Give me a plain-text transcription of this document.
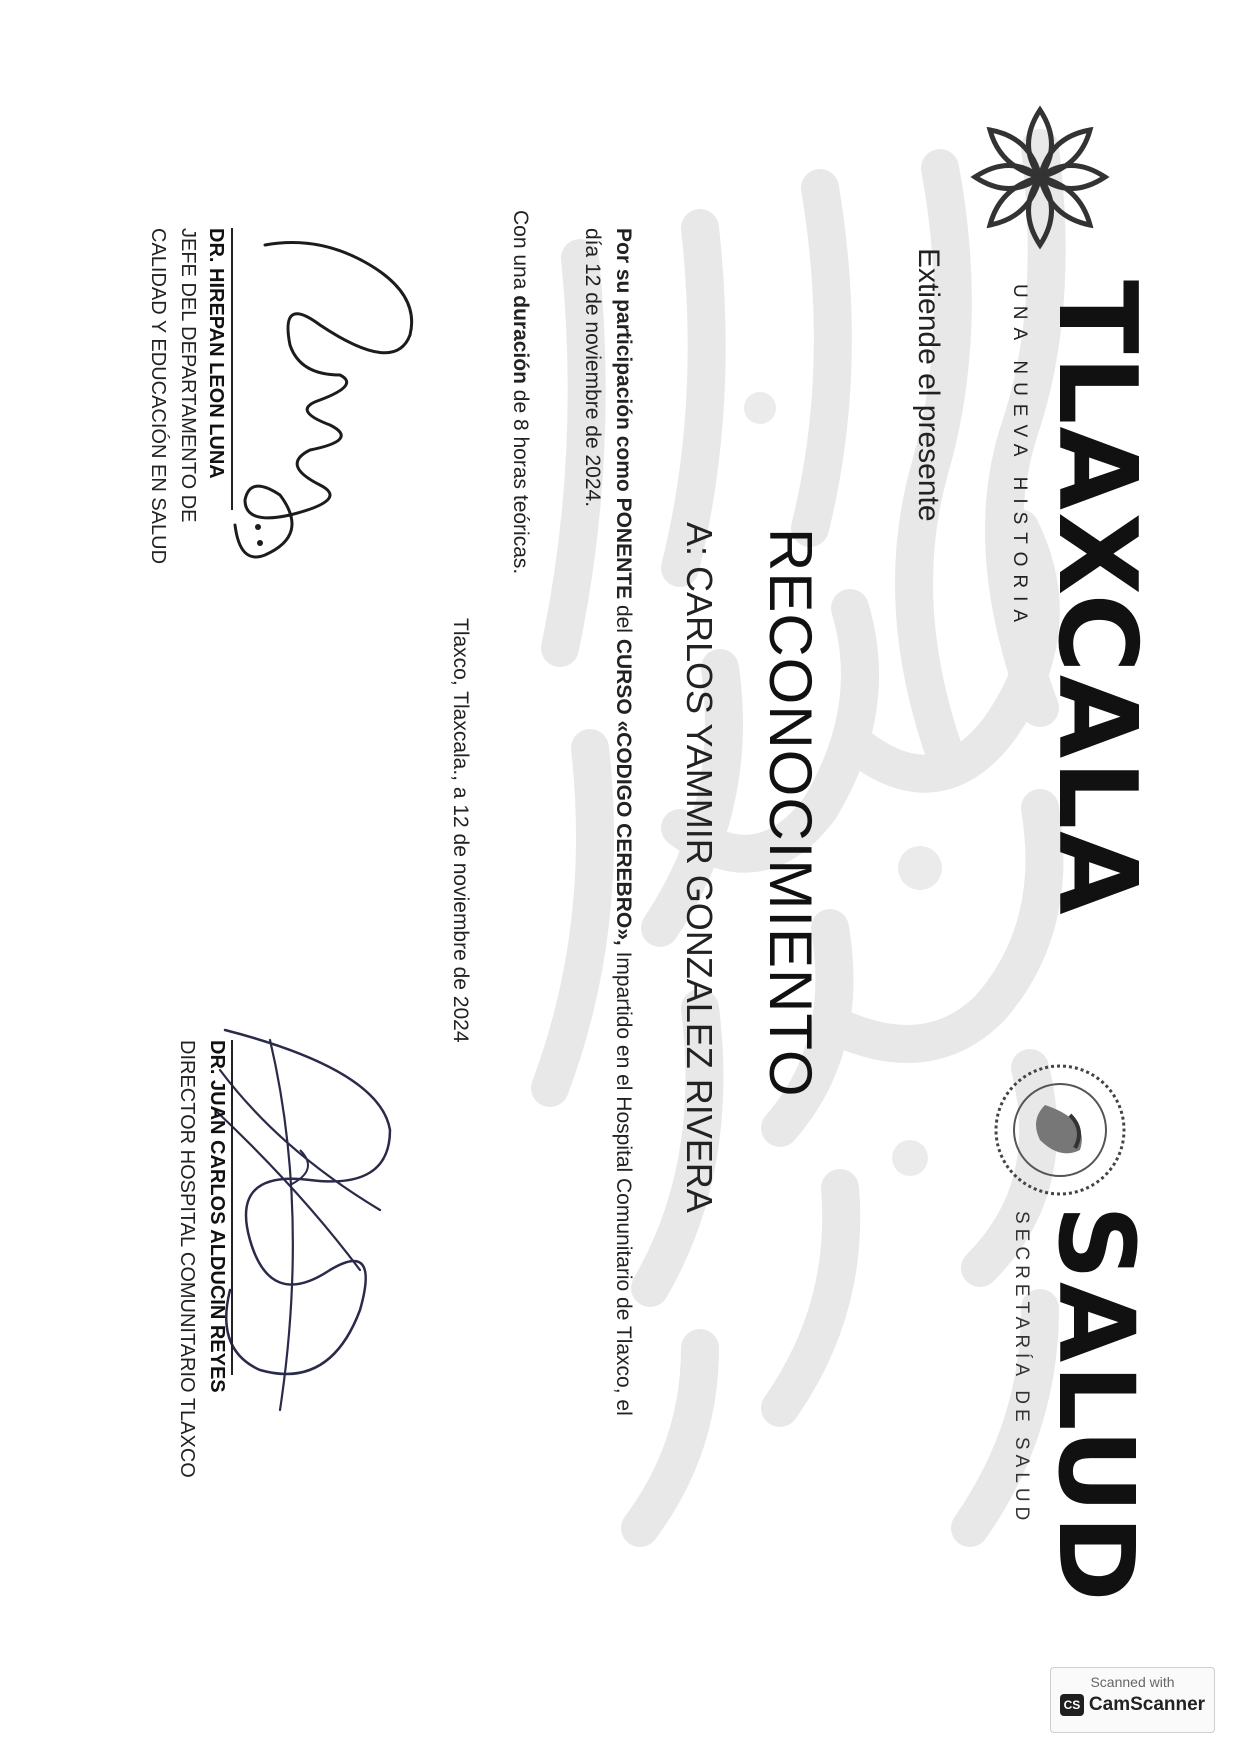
TLAXCALA
UNA NUEVA HISTORIA
SALUD
SECRETARÍA DE SALUD
Extiende el presente
RECONOCIMIENTO
A: CARLOS YAMMIR GONZALEZ RIVERA
Por su participación como PONENTE del CURSO «CODIGO CEREBRO», Impartido en el Hospital Comunitario de Tlaxco, el
día 12 de noviembre de 2024.
Con una duración de 8 horas teóricas.
Tlaxco, Tlaxcala., a 12 de noviembre de 2024
DR. HIREPAN LEON LUNA
JEFE DEL DEPARTAMENTO DE
CALIDAD Y EDUCACIÓN EN SALUD
DR. JUAN CARLOS ALDUCIN REYES
DIRECTOR HOSPITAL COMUNITARIO TLAXCO
Scanned with
CS CamScanner
